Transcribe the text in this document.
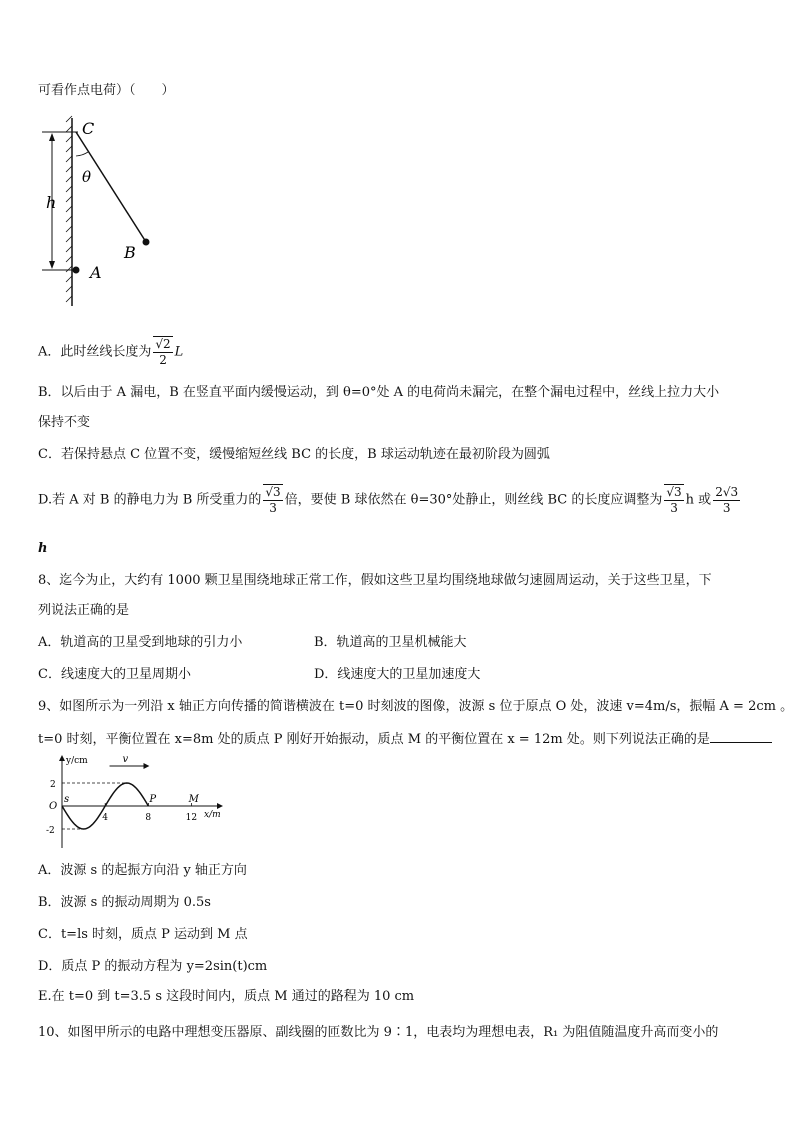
可看作点电荷）（　　）
C
θ
h
B
A
A．此时丝线长度为 $\frac{√2}{2}$ L
B．以后由于 A 漏电，B 在竖直平面内缓慢运动，到 θ=0°处 A 的电荷尚未漏完，在整个漏电过程中，丝线上拉力大小
保持不变
C．若保持悬点 C 位置不变，缓慢缩短丝线 BC 的长度，B 球运动轨迹在最初阶段为圆弧
D.若 A 对 B 的静电力为 B 所受重力的 $\frac{√3}{3}$ 倍，要使 B 球依然在 θ=30°处静止，则丝线 BC 的长度应调整为 $\frac{√3}{3}$ h 或 $\frac{2√3}{3}$
h
8、迄今为止，大约有 1000 颗卫星围绕地球正常工作，假如这些卫星均围绕地球做匀速圆周运动，关于这些卫星，下
列说法正确的是
A．轨道高的卫星受到地球的引力小	B．轨道高的卫星机械能大
C．线速度大的卫星周期小	D．线速度大的卫星加速度大
9、如图所示为一列沿 x 轴正方向传播的简谐横波在 t=0 时刻波的图像，波源 s 位于原点 O 处，波速 v=4m/s，振幅 A = 2cm 。
t=0 时刻，平衡位置在 x=8m 处的质点 P 刚好开始振动，质点 M 的平衡位置在 x = 12m 处。则下列说法正确的是
y/cm
x/m
O
2
-2
4	8	12
s	P	M
v
A．波源 s 的起振方向沿 y 轴正方向
B．波源 s 的振动周期为 0.5s
C．t=ls 时刻，质点 P 运动到 M 点
D．质点 P 的振动方程为 y=2sin(t)cm
E.在 t=0 到 t=3.5 s 这段时间内，质点 M 通过的路程为 10 cm
10、如图甲所示的电路中理想变压器原、副线圈的匝数比为 9∶1，电表均为理想电表，R₁ 为阻值随温度升高而变小的
